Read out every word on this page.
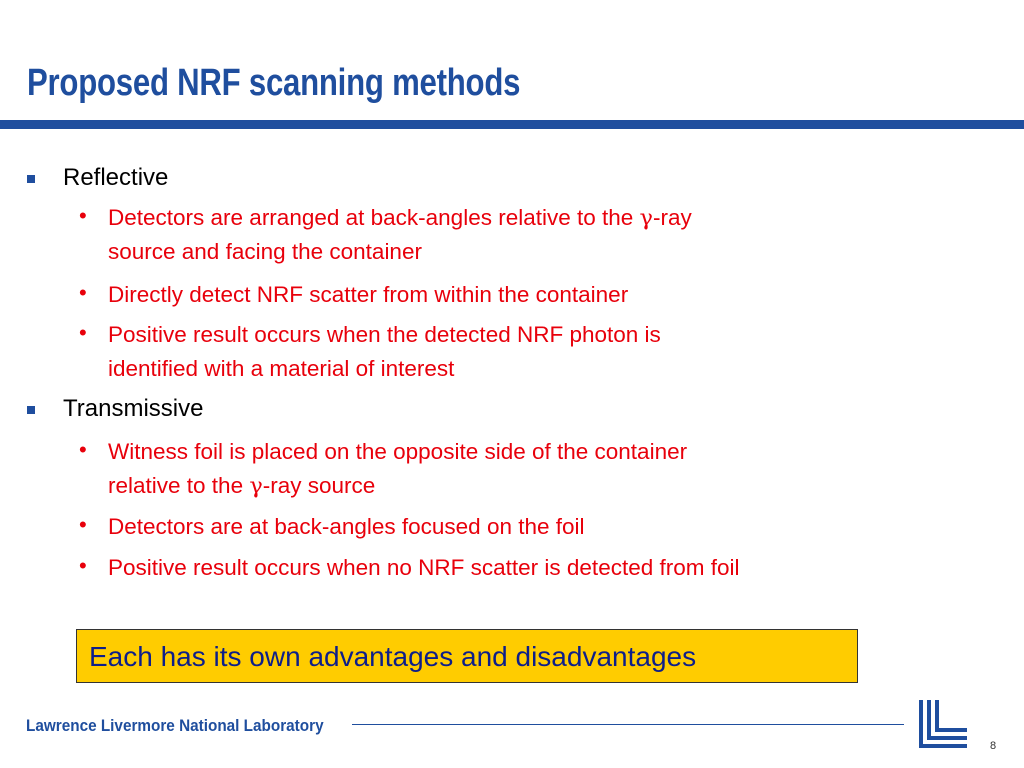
Proposed NRF scanning methods
Reflective
• Detectors are arranged at back-angles relative to the γ-ray
source and facing the container
• Directly detect NRF scatter from within the container
• Positive result occurs when the detected NRF photon is
identified with a material of interest
Transmissive
• Witness foil is placed on the opposite side of the container
relative to the γ-ray source
• Detectors are at back-angles focused on the foil
• Positive result occurs when no NRF scatter is detected from foil
Each has its own advantages and disadvantages
Lawrence Livermore National Laboratory
8
